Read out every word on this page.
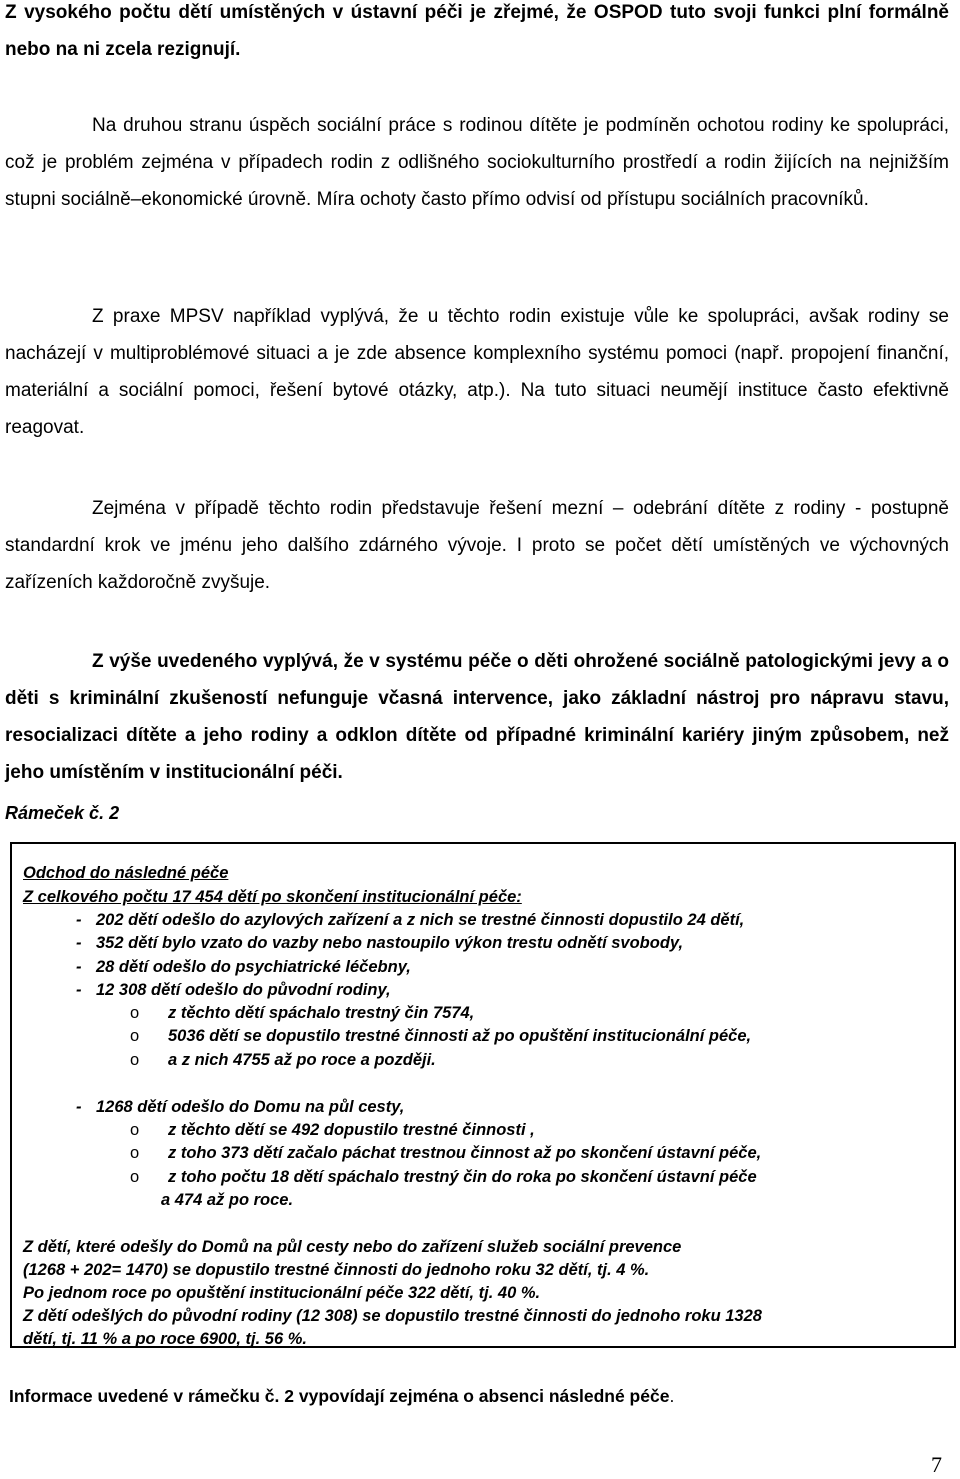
Z vysokého počtu dětí umístěných v ústavní péči je zřejmé, že OSPOD tuto svoji funkci plní formálně nebo na ni zcela rezignují.

Na druhou stranu úspěch sociální práce s rodinou dítěte je podmíněn ochotou rodiny ke spolupráci, což je problém zejména v případech rodin z odlišného sociokulturního prostředí a rodin žijících na nejnižším stupni sociálně–ekonomické úrovně. Míra ochoty často přímo odvisí od přístupu sociálních pracovníků.

Z praxe MPSV například vyplývá, že u těchto rodin existuje vůle ke spolupráci, avšak rodiny se nacházejí v multiproblémové situaci a je zde absence komplexního systému pomoci (např. propojení finanční, materiální a sociální pomoci, řešení bytové otázky, atp.). Na tuto situaci neumějí instituce často efektivně reagovat.

Zejména v případě těchto rodin představuje řešení mezní – odebrání dítěte z rodiny - postupně standardní krok ve jménu jeho dalšího zdárného vývoje. I proto se počet dětí umístěných ve výchovných zařízeních každoročně zvyšuje.

Z výše uvedeného vyplývá, že v systému péče o děti ohrožené sociálně patologickými jevy a o děti s kriminální zkušeností nefunguje včasná intervence, jako základní nástroj pro nápravu stavu, resocializaci dítěte a jeho rodiny a odklon dítěte od případné kriminální kariéry jiným způsobem, než jeho umístěním v institucionální péči.

Rámeček č. 2

Odchod do následné péče

Z celkového počtu 17 454 dětí po skončení institucionální péče:

- 202 dětí odešlo do azylových zařízení a z nich se trestné činnosti dopustilo 24 dětí,
- 352 dětí bylo vzato do vazby nebo nastoupilo výkon trestu odnětí svobody,
- 28 dětí odešlo do psychiatrické léčebny,
- 12 308 dětí odešlo do původní rodiny,
o z těchto dětí spáchalo trestný čin 7574,
o 5036 dětí se dopustilo trestné činnosti až po opuštění institucionální péče,
o a z nich 4755 až po roce a později.
- 1268 dětí odešlo do Domu na půl cesty,
o z těchto dětí se 492 dopustilo trestné činnosti ,
o z toho 373 dětí začalo páchat trestnou činnost až po skončení ústavní péče,
o z toho počtu 18 dětí spáchalo trestný čin do roka po skončení ústavní péče

a 474 až po roce.

Z dětí, které odešly do Domů na půl cesty nebo do zařízení služeb sociální prevence

(1268 + 202= 1470) se dopustilo trestné činnosti do jednoho roku 32 dětí, tj. 4 %.

Po jednom roce po opuštění institucionální péče 322 dětí, tj. 40 %.

Z dětí odešlých do původní rodiny (12 308) se dopustilo trestné činnosti do jednoho roku 1328

dětí, tj. 11 % a po roce 6900, tj. 56 %.

Informace uvedené v rámečku č. 2 vypovídají zejména o absenci následné péče.

7
